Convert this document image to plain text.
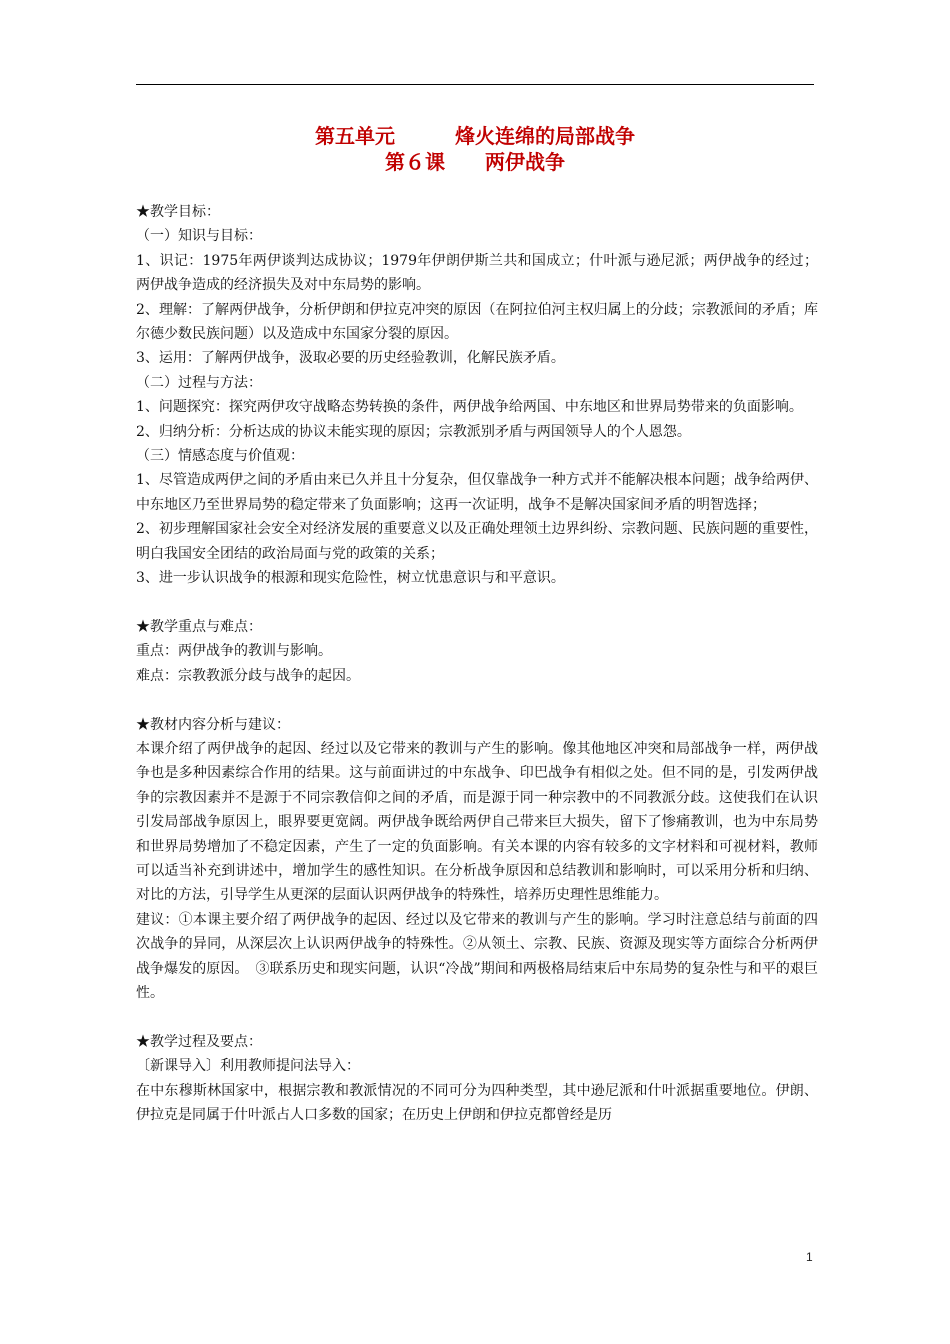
第五单元　　　烽火连绵的局部战争
第６课　　两伊战争

★教学目标：

（一）知识与目标：

1、识记：1975年两伊谈判达成协议；1979年伊朗伊斯兰共和国成立；什叶派与逊尼派；两伊战争的经过；两伊战争造成的经济损失及对中东局势的影响。

2、理解：了解两伊战争，分析伊朗和伊拉克冲突的原因（在阿拉伯河主权归属上的分歧；宗教派间的矛盾；库尔德少数民族问题）以及造成中东国家分裂的原因。

3、运用：了解两伊战争，汲取必要的历史经验教训，化解民族矛盾。

（二）过程与方法：

1、问题探究：探究两伊攻守战略态势转换的条件，两伊战争给两国、中东地区和世界局势带来的负面影响。

2、归纳分析：分析达成的协议未能实现的原因；宗教派别矛盾与两国领导人的个人恩怨。

（三）情感态度与价值观：

1、尽管造成两伊之间的矛盾由来已久并且十分复杂，但仅靠战争一种方式并不能解决根本问题；战争给两伊、中东地区乃至世界局势的稳定带来了负面影响；这再一次证明，战争不是解决国家间矛盾的明智选择；

2、初步理解国家社会安全对经济发展的重要意义以及正确处理领土边界纠纷、宗教问题、民族问题的重要性，明白我国安全团结的政治局面与党的政策的关系；

3、进一步认识战争的根源和现实危险性，树立忧患意识与和平意识。

★教学重点与难点：

重点：两伊战争的教训与影响。

难点：宗教教派分歧与战争的起因。

★教材内容分析与建议：

本课介绍了两伊战争的起因、经过以及它带来的教训与产生的影响。像其他地区冲突和局部战争一样，两伊战争也是多种因素综合作用的结果。这与前面讲过的中东战争、印巴战争有相似之处。但不同的是，引发两伊战争的宗教因素并不是源于不同宗教信仰之间的矛盾，而是源于同一种宗教中的不同教派分歧。这使我们在认识引发局部战争原因上，眼界要更宽阔。两伊战争既给两伊自己带来巨大损失，留下了惨痛教训，也为中东局势和世界局势增加了不稳定因素，产生了一定的负面影响。有关本课的内容有较多的文字材料和可视材料，教师可以适当补充到讲述中，增加学生的感性知识。在分析战争原因和总结教训和影响时，可以采用分析和归纳、对比的方法，引导学生从更深的层面认识两伊战争的特殊性，培养历史理性思维能力。

建议：①本课主要介绍了两伊战争的起因、经过以及它带来的教训与产生的影响。学习时注意总结与前面的四次战争的异同，从深层次上认识两伊战争的特殊性。②从领土、宗教、民族、资源及现实等方面综合分析两伊战争爆发的原因。　③联系历史和现实问题，认识“冷战”期间和两极格局结束后中东局势的复杂性与和平的艰巨性。

★教学过程及要点：

〔新课导入〕利用教师提问法导入：

在中东穆斯林国家中，根据宗教和教派情况的不同可分为四种类型，其中逊尼派和什叶派据重要地位。伊朗、伊拉克是同属于什叶派占人口多数的国家；在历史上伊朗和伊拉克都曾经是历

1
